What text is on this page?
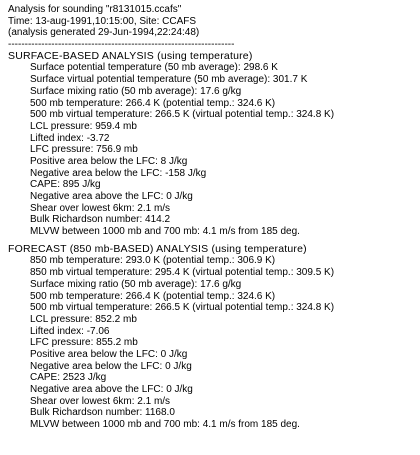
Analysis for sounding "r8131015.ccafs"
Time: 13-aug-1991,10:15:00, Site: CCAFS
(analysis generated 29-Jun-1994,22:24:48)
--------------------------------------------------------------------
SURFACE-BASED ANALYSIS (using temperature)
Surface potential temperature (50 mb average): 298.6 K
Surface virtual potential temperature (50 mb average): 301.7 K
Surface mixing ratio (50 mb average): 17.6 g/kg
500 mb temperature: 266.4 K (potential temp.: 324.6 K)
500 mb virtual temperature: 266.5 K (virtual potential temp.: 324.8 K)
LCL pressure: 959.4 mb
Lifted index: -3.72
LFC pressure: 756.9 mb
Positive area below the LFC: 8 J/kg
Negative area below the LFC: -158 J/kg
CAPE: 895 J/kg
Negative area above the LFC: 0 J/kg
Shear over lowest 6km: 2.1 m/s
Bulk Richardson number: 414.2
MLVW between 1000 mb and 700 mb: 4.1 m/s from 185 deg.
FORECAST (850 mb-BASED) ANALYSIS (using temperature)
850 mb temperature: 293.0 K (potential temp.: 306.9 K)
850 mb virtual temperature: 295.4 K (virtual potential temp.: 309.5 K)
Surface mixing ratio (50 mb average): 17.6 g/kg
500 mb temperature: 266.4 K (potential temp.: 324.6 K)
500 mb virtual temperature: 266.5 K (virtual potential temp.: 324.8 K)
LCL pressure: 852.2 mb
Lifted index: -7.06
LFC pressure: 855.2 mb
Positive area below the LFC: 0 J/kg
Negative area below the LFC: 0 J/kg
CAPE: 2523 J/kg
Negative area above the LFC: 0 J/kg
Shear over lowest 6km: 2.1 m/s
Bulk Richardson number: 1168.0
MLVW between 1000 mb and 700 mb: 4.1 m/s from 185 deg.
